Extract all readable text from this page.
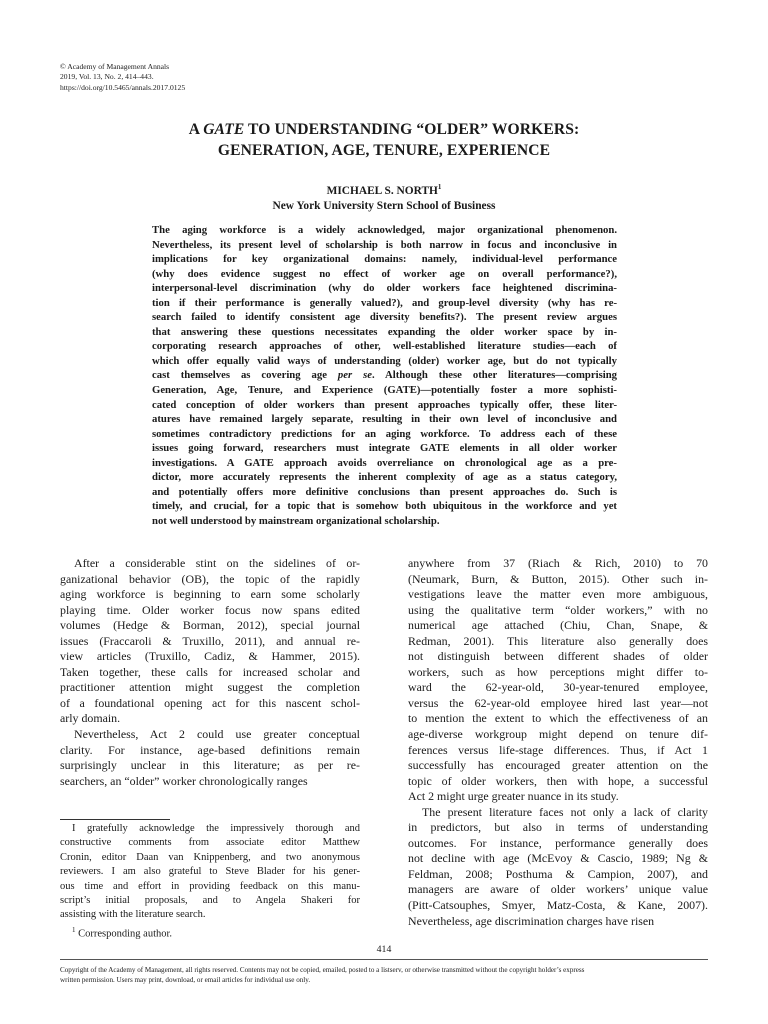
© Academy of Management Annals
2019, Vol. 13, No. 2, 414–443.
https://doi.org/10.5465/annals.2017.0125
A GATE TO UNDERSTANDING “OLDER” WORKERS:
GENERATION, AGE, TENURE, EXPERIENCE
MICHAEL S. NORTH$^1$
New York University Stern School of Business
The aging workforce is a widely acknowledged, major organizational phenomenon.
Nevertheless, its present level of scholarship is both narrow in focus and inconclusive in
implications for key organizational domains: namely, individual-level performance
(why does evidence suggest no effect of worker age on overall performance?),
interpersonal-level discrimination (why do older workers face heightened discrimina-
tion if their performance is generally valued?), and group-level diversity (why has re-
search failed to identify consistent age diversity benefits?). The present review argues
that answering these questions necessitates expanding the older worker space by in-
corporating research approaches of other, well-established literature studies—each of
which offer equally valid ways of understanding (older) worker age, but do not typically
cast themselves as covering age per se. Although these other literatures—comprising
Generation, Age, Tenure, and Experience (GATE)—potentially foster a more sophisti-
cated conception of older workers than present approaches typically offer, these liter-
atures have remained largely separate, resulting in their own level of inconclusive and
sometimes contradictory predictions for an aging workforce. To address each of these
issues going forward, researchers must integrate GATE elements in all older worker
investigations. A GATE approach avoids overreliance on chronological age as a pre-
dictor, more accurately represents the inherent complexity of age as a status category,
and potentially offers more definitive conclusions than present approaches do. Such is
timely, and crucial, for a topic that is somehow both ubiquitous in the workforce and yet
not well understood by mainstream organizational scholarship.
After a considerable stint on the sidelines of or-
ganizational behavior (OB), the topic of the rapidly
aging workforce is beginning to earn some scholarly
playing time. Older worker focus now spans edited
volumes (Hedge & Borman, 2012), special journal
issues (Fraccaroli & Truxillo, 2011), and annual re-
view articles (Truxillo, Cadiz, & Hammer, 2015).
Taken together, these calls for increased scholar and
practitioner attention might suggest the completion
of a foundational opening act for this nascent schol-
arly domain.
Nevertheless, Act 2 could use greater conceptual
clarity. For instance, age-based definitions remain
surprisingly unclear in this literature; as per re-
searchers, an “older” worker chronologically ranges
anywhere from 37 (Riach & Rich, 2010) to 70
(Neumark, Burn, & Button, 2015). Other such in-
vestigations leave the matter even more ambiguous,
using the qualitative term “older workers,” with no
numerical age attached (Chiu, Chan, Snape, &
Redman, 2001). This literature also generally does
not distinguish between different shades of older
workers, such as how perceptions might differ to-
ward the 62-year-old, 30-year-tenured employee,
versus the 62-year-old employee hired last year—not
to mention the extent to which the effectiveness of an
age-diverse workgroup might depend on tenure dif-
ferences versus life-stage differences. Thus, if Act 1
successfully has encouraged greater attention on the
topic of older workers, then with hope, a successful
Act 2 might urge greater nuance in its study.
The present literature faces not only a lack of clarity
in predictors, but also in terms of understanding
outcomes. For instance, performance generally does
not decline with age (McEvoy & Cascio, 1989; Ng &
Feldman, 2008; Posthuma & Campion, 2007), and
managers are aware of older workers’ unique value
(Pitt-Catsouphes, Smyer, Matz-Costa, & Kane, 2007).
Nevertheless, age discrimination charges have risen
I gratefully acknowledge the impressively thorough and
constructive comments from associate editor Matthew
Cronin, editor Daan van Knippenberg, and two anonymous
reviewers. I am also grateful to Steve Blader for his gener-
ous time and effort in providing feedback on this manu-
script’s initial proposals, and to Angela Shakeri for
assisting with the literature search.
$^1$ Corresponding author.
414
Copyright of the Academy of Management, all rights reserved. Contents may not be copied, emailed, posted to a listserv, or otherwise transmitted without the copyright holder’s express
written permission. Users may print, download, or email articles for individual use only.
